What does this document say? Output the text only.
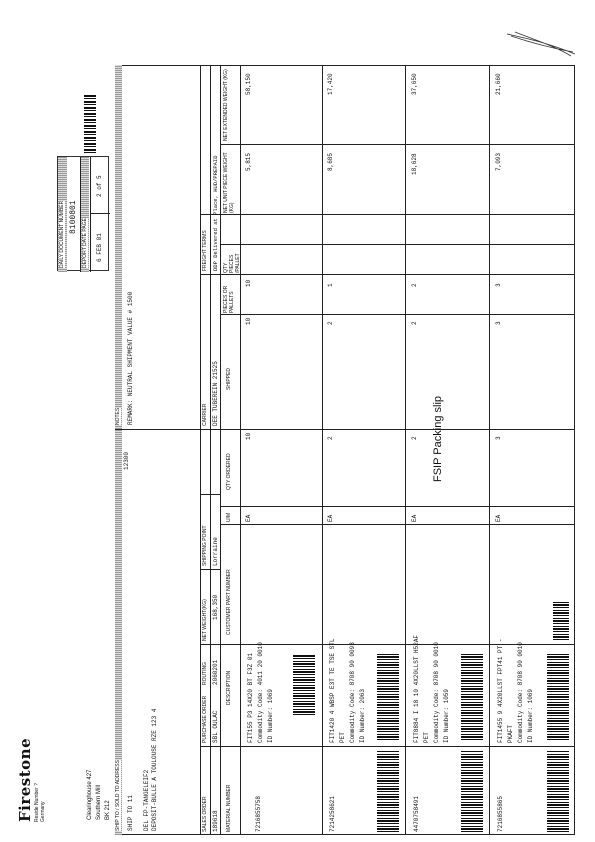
FSIP Packing slip
Firestone Reside Number ? Germany	Clearinghouse 427 Southern Mill BK 212
DAILY DOCUMENT NUMBER 8100801
DEPORT DATE PAGE 6 FEB 01
2 of 5
SHIP TO / SOLD TO ADDRESS
12300
SHIP TO 11 DEL FP-TANGELEIF2 DEPOSIT-BULLE A TOULOUSE RZE 123 4
NOTES REMARK: NEUTRAL SHIPMENT VALUE # 1500
SALES ORDER 189618
PURCHASE ORDER SBL OULAC
ROUTING 2060201
NET WEIGHT(KG) 168,350
SHIPPING POINT Lorraine
CARRIER DEE TUBEREIN 21525
FREIGHT TERMS DDP Delivered at Place, HUD/PREPAID
MATERIAL NUMBER
DESCRIPTION
CUSTOMER PART NUMBER
U/M
QTY ORDERED
SHIPPED
PIECES OR PALLETS
QTY PIECES /PALLET
NET UNIT PIECE WEIGHT (KG)
NET EXTENDED WEIGHT (KG)
7216855758
FIT155 P3 14X20 BT F3Z 01 Commodity Code: 4011 20 0010 ID Number: 1069
EA
10
10
10
5,815
58,150
7214258621
FIT1420 4 WBSP E3T TE TSE STL PET Commodity Code: 8708 90 0093 ID Number: 2063
EA
2
2
1
8,685
17,420
4470758491
FIT8884 I 18 10 4X20LLST H52AF PET Commodity Code: 8708 90 0010 ID Number: 1059
EA
2
2
2
18,628
37,650
7216855865
FIT1455 9 4X20LLST FPT41 PT - PKAFT Commodity Code: 8708 90 0010 ID Number: 1069
EA
3
3
3
7,093
21,660
